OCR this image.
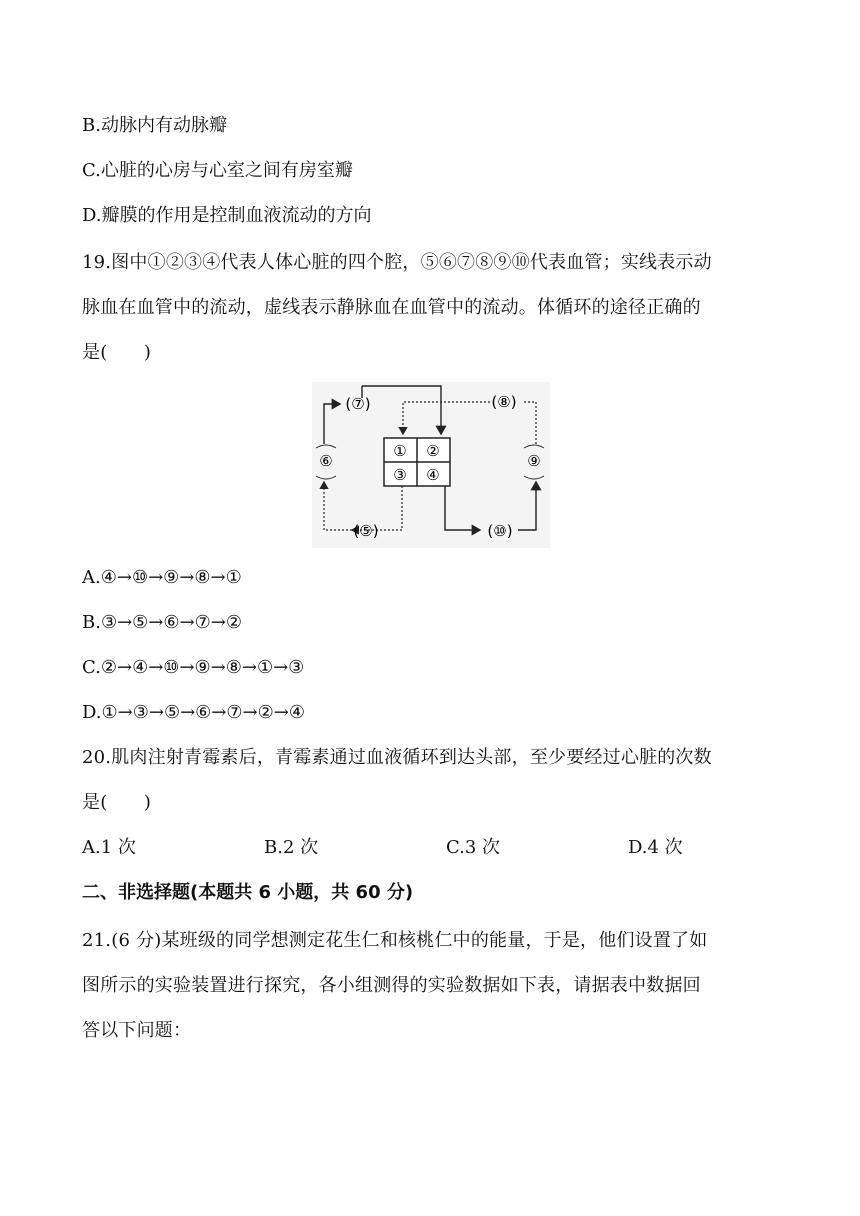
B.动脉内有动脉瓣
C.心脏的心房与心室之间有房室瓣
D.瓣膜的作用是控制血液流动的方向
19.图中①②③④代表人体心脏的四个腔，⑤⑥⑦⑧⑨⑩代表血管；实线表示动
脉血在血管中的流动，虚线表示静脉血在血管中的流动。体循环的途径正确的
是(　　)
① ②
③ ④
(⑦)
⑥
(⑤)
(⑧)
⑨
(⑩)
A.④→⑩→⑨→⑧→①
B.③→⑤→⑥→⑦→②
C.②→④→⑩→⑨→⑧→①→③
D.①→③→⑤→⑥→⑦→②→④
20.肌肉注射青霉素后，青霉素通过血液循环到达头部，至少要经过心脏的次数
是(　　)
A.1 次	B.2 次	C.3 次	D.4 次
二、非选择题(本题共 6 小题，共 60 分)
21.(6 分)某班级的同学想测定花生仁和核桃仁中的能量，于是，他们设置了如
图所示的实验装置进行探究，各小组测得的实验数据如下表，请据表中数据回
答以下问题：
